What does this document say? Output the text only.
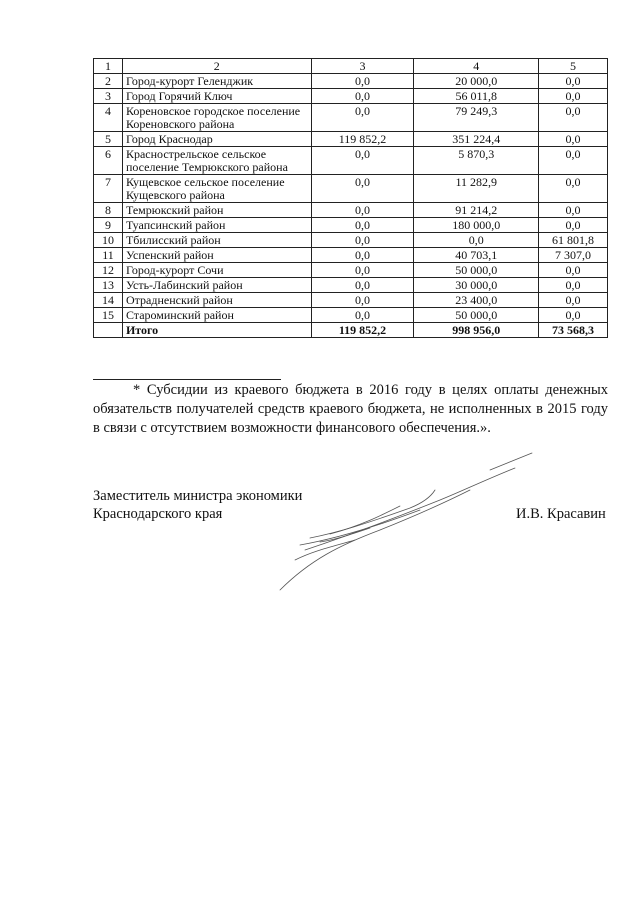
1	2	3	4	5
2	Город-курорт Геленджик	0,0	20 000,0	0,0
3	Город Горячий Ключ	0,0	56 011,8	0,0
4	Кореновское городское поселение Кореновского района	0,0	79 249,3	0,0
5	Город Краснодар	119 852,2	351 224,4	0,0
6	Краснострельское сельское поселение Темрюкского района	0,0	5 870,3	0,0
7	Кущевское сельское поселение Кущевского района	0,0	11 282,9	0,0
8	Темрюкский район	0,0	91 214,2	0,0
9	Туапсинский район	0,0	180 000,0	0,0
10	Тбилисский район	0,0	0,0	61 801,8
11	Успенский район	0,0	40 703,1	7 307,0
12	Город-курорт Сочи	0,0	50 000,0	0,0
13	Усть-Лабинский район	0,0	30 000,0	0,0
14	Отрадненский район	0,0	23 400,0	0,0
15	Староминский район	0,0	50 000,0	0,0
	Итого	119 852,2	998 956,0	73 568,3
* Субсидии из краевого бюджета в 2016 году в целях оплаты денежных обязательств получателей средств краевого бюджета, не исполненных в 2015 году в связи с отсутствием возможности финансового обеспечения.».
Заместитель министра экономики
Краснодарского края	И.В. Красавин
